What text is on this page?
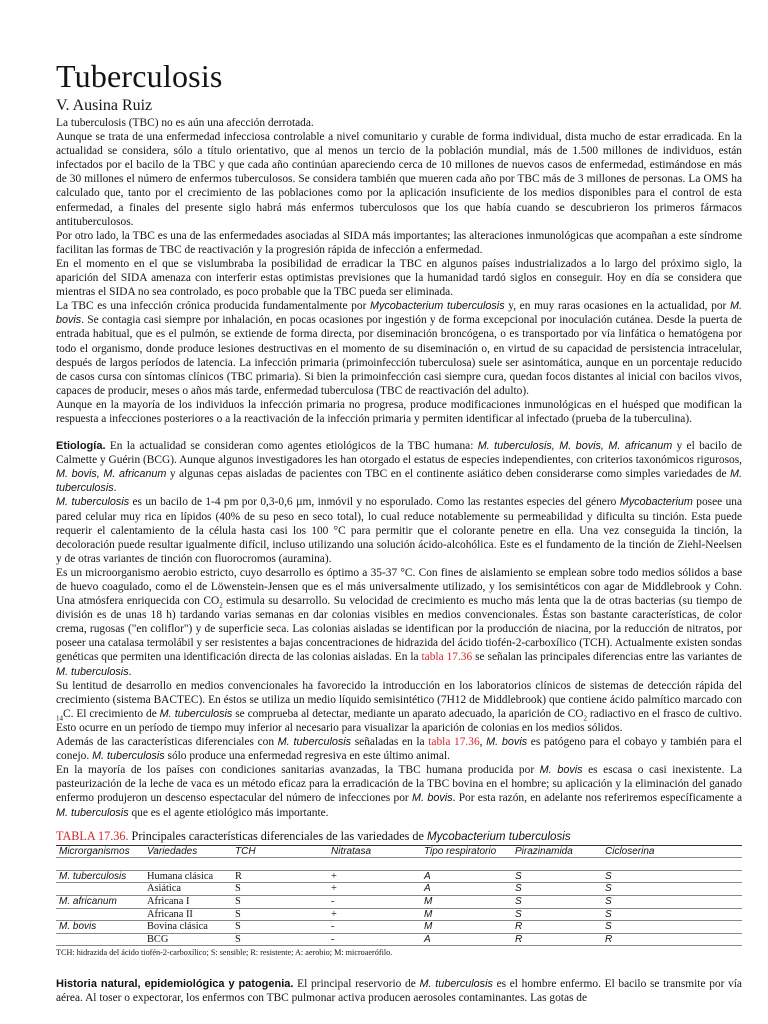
Tuberculosis
V. Ausina Ruiz

La tuberculosis (TBC) no es aún una afección derrotada.

Aunque se trata de una enfermedad infecciosa controlable a nivel comunitario y curable de forma individual, dista mucho de estar erradicada. En la actualidad se considera, sólo a título orientativo, que al menos un tercio de la población mundial, más de 1.500 millones de individuos, están infectados por el bacilo de la TBC y que cada año continúan apareciendo cerca de 10 millones de nuevos casos de enfermedad, estimándose en más de 30 millones el número de enfermos tuberculosos. Se considera también que mueren cada año por TBC más de 3 millones de personas. La OMS ha calculado que, tanto por el crecimiento de las poblaciones como por la aplicación insuficiente de los medios disponibles para el control de esta enfermedad, a finales del presente siglo habrá más enfermos tuberculosos que los que había cuando se descubrieron los primeros fármacos antituberculosos.

Por otro lado, la TBC es una de las enfermedades asociadas al SIDA más importantes; las alteraciones inmunológicas que acompañan a este síndrome facilitan las formas de TBC de reactivación y la progresión rápida de infección a enfermedad.

En el momento en el que se vislumbraba la posibilidad de erradicar la TBC en algunos países industrializados a lo largo del próximo siglo, la aparición del SIDA amenaza con interferir estas optimistas previsiones que la humanidad tardó siglos en conseguir. Hoy en día se considera que mientras el SIDA no sea controlado, es poco probable que la TBC pueda ser eliminada.

La TBC es una infección crónica producida fundamentalmente por Mycobacterium tuberculosis y, en muy raras ocasiones en la actualidad, por M. bovis. Se contagia casi siempre por inhalación, en pocas ocasiones por ingestión y de forma excepcional por inoculación cutánea. Desde la puerta de entrada habitual, que es el pulmón, se extiende de forma directa, por diseminación broncógena, o es transportado por vía linfática o hematógena por todo el organismo, donde produce lesiones destructivas en el momento de su diseminación o, en virtud de su capacidad de persistencia intracelular, después de largos períodos de latencia. La infección primaria (primoinfección tuberculosa) suele ser asintomática, aunque en un porcentaje reducido de casos cursa con síntomas clínicos (TBC primaria). Si bien la primoinfección casi siempre cura, quedan focos distantes al inicial con bacilos vivos, capaces de producir, meses o años más tarde, enfermedad tuberculosa (TBC de reactivación del adulto).

Aunque en la mayoría de los individuos la infección primaria no progresa, produce modificaciones inmunológicas en el huésped que modifican la respuesta a infecciones posteriores o a la reactivación de la infección primaria y permiten identificar al infectado (prueba de la tuberculina).

Etiología. En la actualidad se consideran como agentes etiológicos de la TBC humana: M. tuberculosis, M. bovis, M. africanum y el bacilo de Calmette y Guérin (BCG). Aunque algunos investigadores les han otorgado el estatus de especies independientes, con criterios taxonómicos rigurosos, M. bovis, M. africanum y algunas cepas aisladas de pacientes con TBC en el continente asiático deben considerarse como simples variedades de M. tuberculosis.

M. tuberculosis es un bacilo de 1-4 pm por 0,3-0,6 µm, inmóvil y no esporulado. Como las restantes especies del género Mycobacterium posee una pared celular muy rica en lípidos (40% de su peso en seco total), lo cual reduce notablemente su permeabilidad y dificulta su tinción. Esta puede requerir el calentamiento de la célula hasta casi los 100 °C para permitir que el colorante penetre en ella. Una vez conseguida la tinción, la decoloración puede resultar igualmente difícil, incluso utilizando una solución ácido-alcohólica. Este es el fundamento de la tinción de Ziehl-Neelsen y de otras variantes de tinción con fluorocromos (auramina).

Es un microorganismo aerobio estricto, cuyo desarrollo es óptimo a 35-37 °C. Con fines de aislamiento se emplean sobre todo medios sólidos a base de huevo coagulado, como el de Löwenstein-Jensen que es el más universalmente utilizado, y los semisintéticos con agar de Middlebrook y Cohn. Una atmósfera enriquecida con $CO_2$ estimula su desarrollo. Su velocidad de crecimiento es mucho más lenta que la de otras bacterias (su tiempo de división es de unas 18 h) tardando varias semanas en dar colonias visibles en medios convencionales. Éstas son bastante características, de color crema, rugosas ("en coliflor") y de superficie seca. Las colonias aisladas se identifican por la producción de niacina, por la reducción de nitratos, por poseer una catalasa termolábil y ser resistentes a bajas concentraciones de hidrazida del ácido tiofén-2-carboxílico (TCH). Actualmente existen sondas genéticas que permiten una identificación directa de las colonias aisladas. En la tabla 17.36 se señalan las principales diferencias entre las variantes de M. tuberculosis.

Su lentitud de desarrollo en medios convencionales ha favorecido la introducción en los laboratorios clínicos de sistemas de detección rápida del crecimiento (sistema BACTEC). En éstos se utiliza un medio líquido semisintético (7H12 de Middlebrook) que contiene ácido palmítico marcado con $_{14}$C. El crecimiento de M. tuberculosis se comprueba al detectar, mediante un aparato adecuado, la aparición de $CO_2$ radiactivo en el frasco de cultivo. Esto ocurre en un período de tiempo muy inferior al necesario para visualizar la aparición de colonias en los medios sólidos.

Además de las características diferenciales con M. tuberculosis señaladas en la tabla 17.36, M. bovis es patógeno para el cobayo y también para el conejo. M. tuberculosis sólo produce una enfermedad regresiva en este último animal.

En la mayoría de los países con condiciones sanitarias avanzadas, la TBC humana producida por M. bovis es escasa o casi inexistente. La pasteurización de la leche de vaca es un método eficaz para la erradicación de la TBC bovina en el hombre; su aplicación y la eliminación del ganado enfermo produjeron un descenso espectacular del número de infecciones por M. bovis. Por esta razón, en adelante nos referiremos específicamente a M. tuberculosis que es el agente etiológico más importante.

TABLA 17.36. Principales características diferenciales de las variedades de Mycobacterium tuberculosis
Microrganismos	Variedades	TCH	Nitratasa	Tipo respiratorio	Pirazinamida	Cicloserina

M. tuberculosis	Humana clásica	R	+	A	S	S
	Asiática	S	+	A	S	S
M. africanum	Africana I	S	-	M	S	S
	Africana II	S	+	M	S	S
M. bovis	Bovina clásica	S	-	M	R	S
	BCG	S	-	A	R	R
TCH: hidrazida del ácido tiofén-2-carboxílico; S: sensible; R: resistente; A: aerobio; M: microaerófilo.

Historia natural, epidemiológica y patogenia. El principal reservorio de M. tuberculosis es el hombre enfermo. El bacilo se transmite por vía aérea. Al toser o expectorar, los enfermos con TBC pulmonar activa producen aerosoles contaminantes. Las gotas de
